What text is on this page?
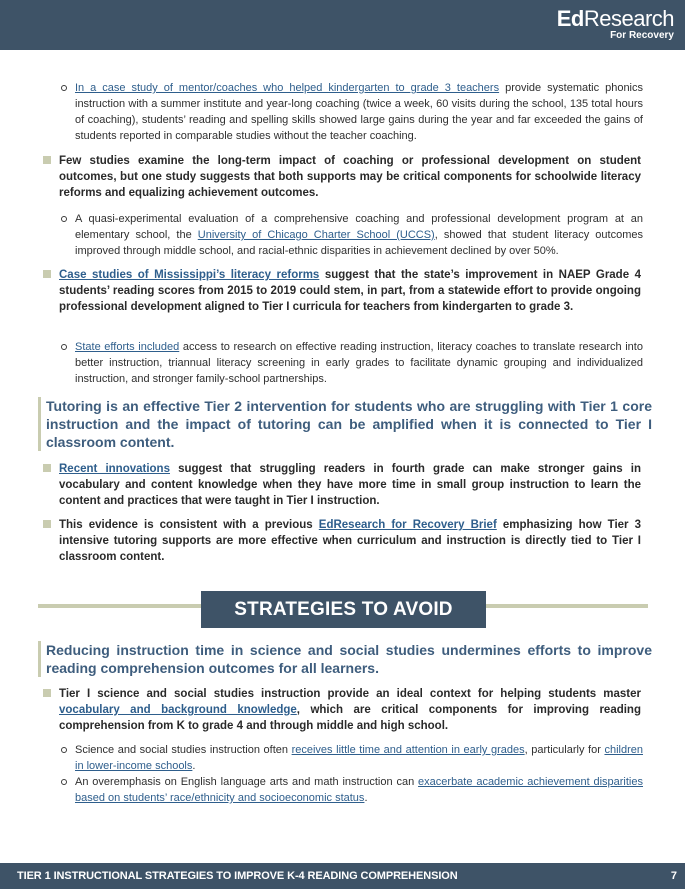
EdResearch
For Recovery
In a case study of mentor/coaches who helped kindergarten to grade 3 teachers provide systematic phonics instruction with a summer institute and year-long coaching (twice a week, 60 visits during the school, 135 total hours of coaching), students’ reading and spelling skills showed large gains during the year and far exceeded the gains of students reported in comparable studies without the teacher coaching.
Few studies examine the long-term impact of coaching or professional development on student outcomes, but one study suggests that both supports may be critical components for schoolwide literacy reforms and equalizing achievement outcomes.
A quasi-experimental evaluation of a comprehensive coaching and professional development program at an elementary school, the University of Chicago Charter School (UCCS), showed that student literacy outcomes improved through middle school, and racial-ethnic disparities in achievement declined by over 50%.
Case studies of Mississippi’s literacy reforms suggest that the state’s improvement in NAEP Grade 4 students’ reading scores from 2015 to 2019 could stem, in part, from a statewide effort to provide ongoing professional development aligned to Tier I curricula for teachers from kindergarten to grade 3.
State efforts included access to research on effective reading instruction, literacy coaches to translate research into better instruction, triannual literacy screening in early grades to facilitate dynamic grouping and individualized instruction, and stronger family-school partnerships.
Tutoring is an effective Tier 2 intervention for students who are struggling with Tier 1 core instruction and the impact of tutoring can be amplified when it is connected to Tier I classroom content.
Recent innovations suggest that struggling readers in fourth grade can make stronger gains in vocabulary and content knowledge when they have more time in small group instruction to learn the content and practices that were taught in Tier I instruction.
This evidence is consistent with a previous EdResearch for Recovery Brief emphasizing how Tier 3 intensive tutoring supports are more effective when curriculum and instruction is directly tied to Tier I classroom content.
STRATEGIES TO AVOID
Reducing instruction time in science and social studies undermines efforts to improve reading comprehension outcomes for all learners.
Tier I science and social studies instruction provide an ideal context for helping students master vocabulary and background knowledge, which are critical components for improving reading comprehension from K to grade 4 and through middle and high school.
Science and social studies instruction often receives little time and attention in early grades, particularly for children in lower-income schools.
An overemphasis on English language arts and math instruction can exacerbate academic achievement disparities based on students’ race/ethnicity and socioeconomic status.
TIER 1 INSTRUCTIONAL STRATEGIES TO IMPROVE K-4 READING COMPREHENSION	7
